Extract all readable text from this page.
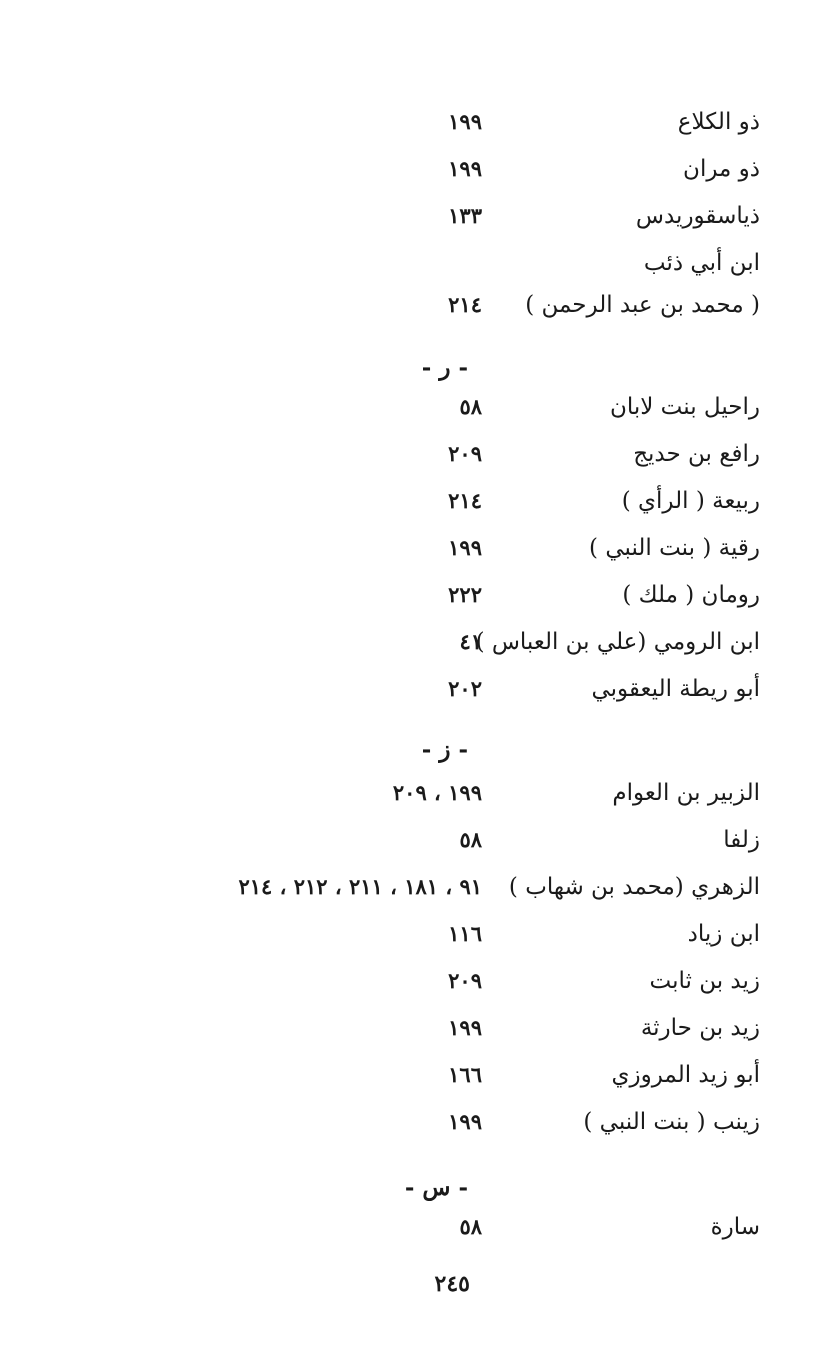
ذو الكلاع
١٩٩
ذو مران
١٩٩
ذياسقوريدس
١٣٣
ابن أبي ذئب
( محمد بن عبد الرحمن )
٢١٤
- ر -
راحيل بنت لابان
٥٨
رافع بن حديج
٢٠٩
ربيعة ( الرأي )
٢١٤
رقية ( بنت النبي )
١٩٩
رومان ( ملك )
٢٢٢
ابن الرومي (علي بن العباس )
٤١
أبو ريطة اليعقوبي
٢٠٢
- ز -
الزبير بن العوام
١٩٩ ، ٢٠٩
زلفا
٥٨
الزهري (محمد بن شهاب )
٩١ ، ١٨١ ، ٢١١ ، ٢١٢ ، ٢١٤
ابن زياد
١١٦
زيد بن ثابت
٢٠٩
زيد بن حارثة
١٩٩
أبو زيد المروزي
١٦٦
زينب ( بنت النبي )
١٩٩
- س -
سارة
٥٨
٢٤٥
